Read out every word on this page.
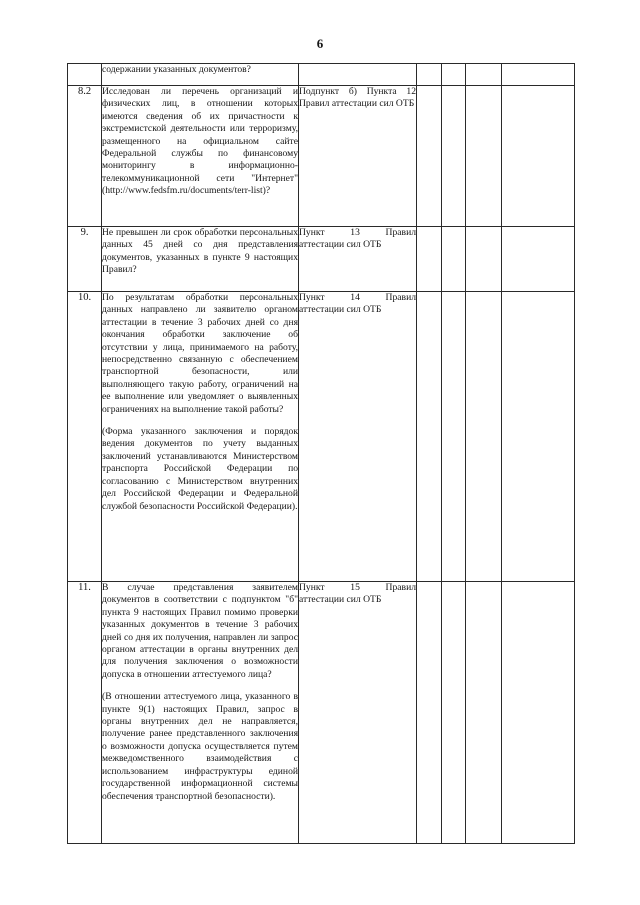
6

	содержании указанных документов?					

8.2	Исследован ли перечень организаций и физических лиц, в отношении которых имеются сведения об их причастности к экстремистской деятельности или терроризму, размещенного на официальном сайте Федеральной службы по финансовому мониторингу в информационно-телекоммуникационной сети "Интернет" (http://www.fedsfm.ru/documents/terr-list)?	Подпункт б) Пункта 12 Правил аттестации сил ОТБ				

9.	Не превышен ли срок обработки персональных данных 45 дней со дня представления документов, указанных в пункте 9 настоящих Правил?	Пункт 13 Правил аттестации сил ОТБ				

10.	По результатам обработки персональных данных направлено ли заявителю органом аттестации в течение 3 рабочих дней со дня окончания обработки заключение об отсутствии у лица, принимаемого на работу, непосредственно связанную с обеспечением транспортной безопасности, или выполняющего такую работу, ограничений на ее выполнение или уведомляет о выявленных ограничениях на выполнение такой работы?

(Форма указанного заключения и порядок ведения документов по учету выданных заключений устанавливаются Министерством транспорта Российской Федерации по согласованию с Министерством внутренних дел Российской Федерации и Федеральной службой безопасности Российской Федерации).	Пункт 14 Правил аттестации сил ОТБ				

11.	В случае представления заявителем документов в соответствии с подпунктом "б" пункта 9 настоящих Правил помимо проверки указанных документов в течение 3 рабочих дней со дня их получения, направлен ли запрос органом аттестации в органы внутренних дел для получения заключения о возможности допуска в отношении аттестуемого лица?

(В отношении аттестуемого лица, указанного в пункте 9(1) настоящих Правил, запрос в органы внутренних дел не направляется, получение ранее представленного заключения о возможности допуска осуществляется путем межведомственного взаимодействия с использованием инфраструктуры единой государственной информационной системы обеспечения транспортной безопасности).	Пункт 15 Правил аттестации сил ОТБ				
